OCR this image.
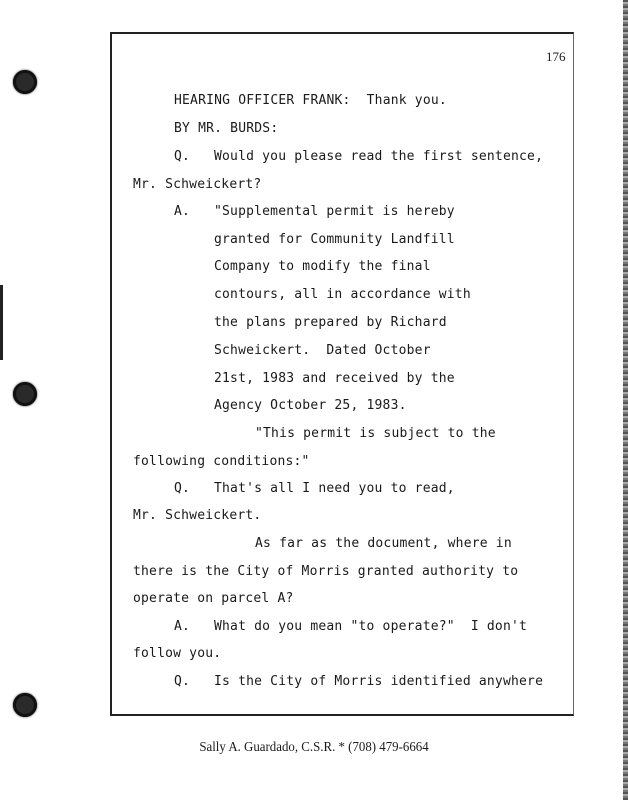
176
HEARING OFFICER FRANK:  Thank you.
BY MR. BURDS:
Q. Would you please read the first sentence,
Mr. Schweickert?
A. "Supplemental permit is hereby
granted for Community Landfill
Company to modify the final
contours, all in accordance with
the plans prepared by Richard
Schweickert.  Dated October
21st, 1983 and received by the
Agency October 25, 1983.
"This permit is subject to the
following conditions:"
Q. That's all I need you to read,
Mr. Schweickert.
As far as the document, where in
there is the City of Morris granted authority to
operate on parcel A?
A. What do you mean "to operate?"  I don't
follow you.
Q. Is the City of Morris identified anywhere
Sally A. Guardado, C.S.R. * (708) 479-6664
